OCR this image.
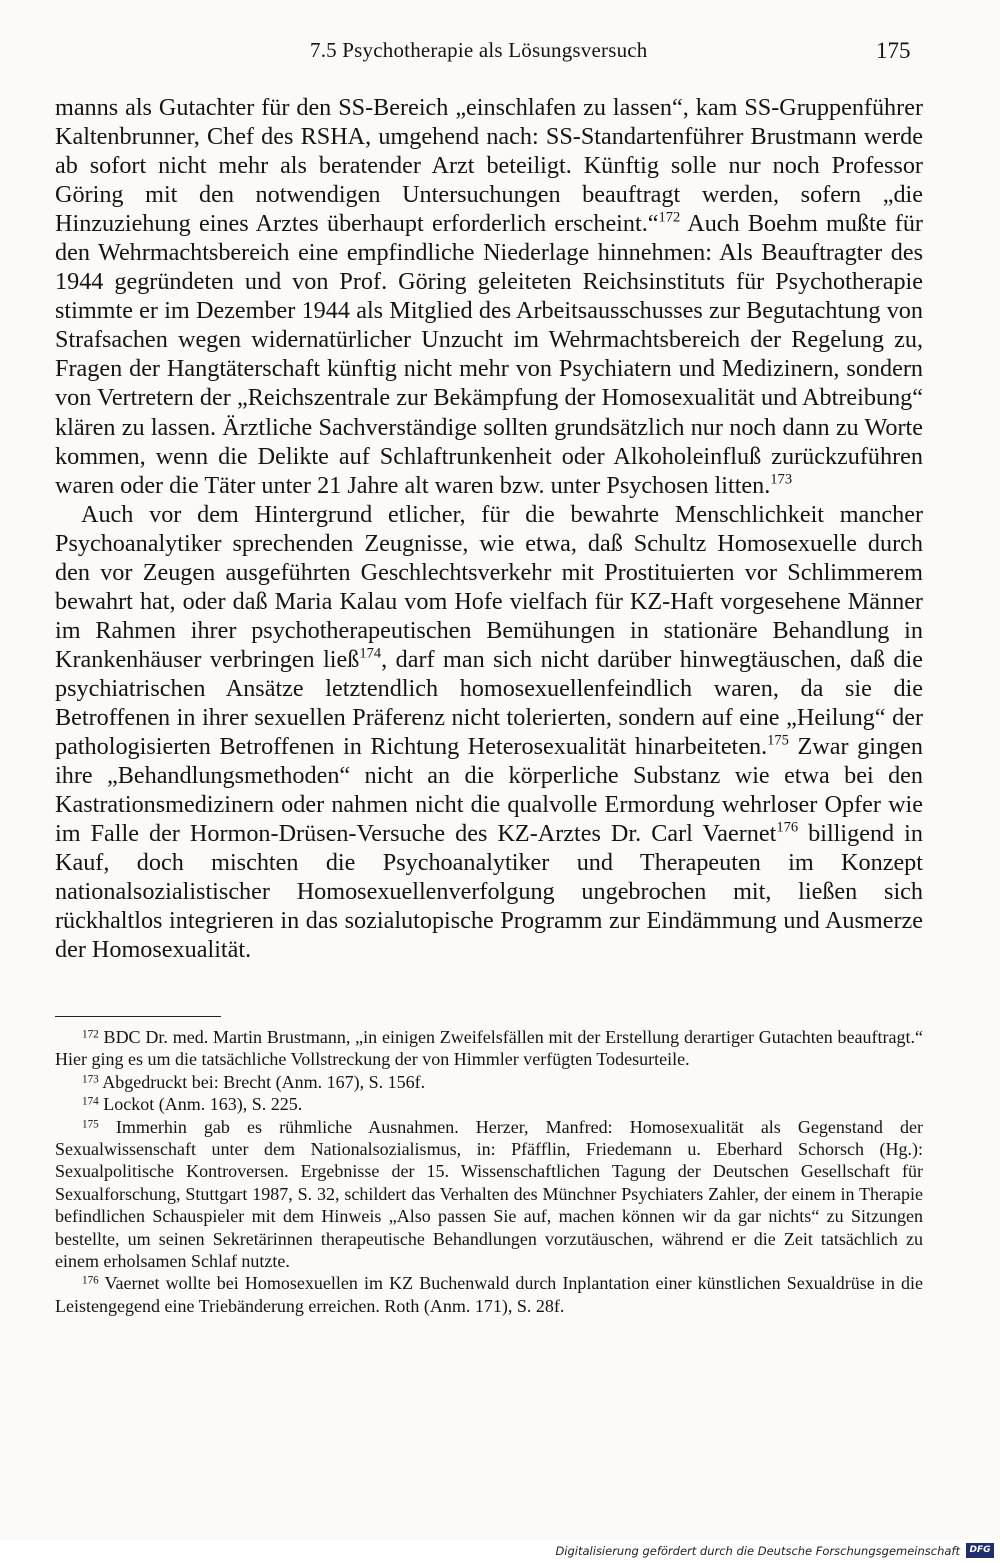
7.5 Psychotherapie als Lösungsversuch	175

manns als Gutachter für den SS-Bereich „einschlafen zu lassen“, kam SS-Gruppenführer Kaltenbrunner, Chef des RSHA, umgehend nach: SS-Standartenführer Brustmann werde ab sofort nicht mehr als beratender Arzt beteiligt. Künftig solle nur noch Professor Göring mit den notwendigen Untersuchungen beauftragt werden, sofern „die Hinzuziehung eines Arztes überhaupt erforderlich erscheint.“$^{172}$ Auch Boehm mußte für den Wehrmachtsbereich eine empfindliche Niederlage hinnehmen: Als Beauftragter des 1944 gegründeten und von Prof. Göring geleiteten Reichsinstituts für Psychotherapie stimmte er im Dezember 1944 als Mitglied des Arbeitsausschusses zur Begutachtung von Strafsachen wegen widernatürlicher Unzucht im Wehrmachtsbereich der Regelung zu, Fragen der Hangtäterschaft künftig nicht mehr von Psychiatern und Medizinern, sondern von Vertretern der „Reichszentrale zur Bekämpfung der Homosexualität und Abtreibung“ klären zu lassen. Ärztliche Sachverständige sollten grundsätzlich nur noch dann zu Worte kommen, wenn die Delikte auf Schlaftrunkenheit oder Alkoholeinfluß zurückzuführen waren oder die Täter unter 21 Jahre alt waren bzw. unter Psychosen litten.$^{173}$

Auch vor dem Hintergrund etlicher, für die bewahrte Menschlichkeit mancher Psychoanalytiker sprechenden Zeugnisse, wie etwa, daß Schultz Homosexuelle durch den vor Zeugen ausgeführten Geschlechtsverkehr mit Prostituierten vor Schlimmerem bewahrt hat, oder daß Maria Kalau vom Hofe vielfach für KZ-Haft vorgesehene Männer im Rahmen ihrer psychotherapeutischen Bemühungen in stationäre Behandlung in Krankenhäuser verbringen ließ$^{174}$, darf man sich nicht darüber hinwegtäuschen, daß die psychiatrischen Ansätze letztendlich homosexuellenfeindlich waren, da sie die Betroffenen in ihrer sexuellen Präferenz nicht tolerierten, sondern auf eine „Heilung“ der pathologisierten Betroffenen in Richtung Heterosexualität hinarbeiteten.$^{175}$ Zwar gingen ihre „Behandlungsmethoden“ nicht an die körperliche Substanz wie etwa bei den Kastrationsmedizinern oder nahmen nicht die qualvolle Ermordung wehrloser Opfer wie im Falle der Hormon-Drüsen-Versuche des KZ-Arztes Dr. Carl Vaernet$^{176}$ billigend in Kauf, doch mischten die Psychoanalytiker und Therapeuten im Konzept nationalsozialistischer Homosexuellenverfolgung ungebrochen mit, ließen sich rückhaltlos integrieren in das sozialutopische Programm zur Eindämmung und Ausmerze der Homosexualität.

$^{172}$ BDC Dr. med. Martin Brustmann, „in einigen Zweifelsfällen mit der Erstellung derartiger Gutachten beauftragt.“ Hier ging es um die tatsächliche Vollstreckung der von Himmler verfügten Todesurteile.

$^{173}$ Abgedruckt bei: Brecht (Anm. 167), S. 156f.

$^{174}$ Lockot (Anm. 163), S. 225.

$^{175}$ Immerhin gab es rühmliche Ausnahmen. Herzer, Manfred: Homosexualität als Gegenstand der Sexualwissenschaft unter dem Nationalsozialismus, in: Pfäfflin, Friedemann u. Eberhard Schorsch (Hg.): Sexualpolitische Kontroversen. Ergebnisse der 15. Wissenschaftlichen Tagung der Deutschen Gesellschaft für Sexualforschung, Stuttgart 1987, S. 32, schildert das Verhalten des Münchner Psychiaters Zahler, der einem in Therapie befindlichen Schauspieler mit dem Hinweis „Also passen Sie auf, machen können wir da gar nichts“ zu Sitzungen bestellte, um seinen Sekretärinnen therapeutische Behandlungen vorzutäuschen, während er die Zeit tatsächlich zu einem erholsamen Schlaf nutzte.

$^{176}$ Vaernet wollte bei Homosexuellen im KZ Buchenwald durch Inplantation einer künstlichen Sexualdrüse in die Leistengegend eine Triebänderung erreichen. Roth (Anm. 171), S. 28f.

Digitalisierung gefördert durch die Deutsche Forschungsgemeinschaft	DFG
